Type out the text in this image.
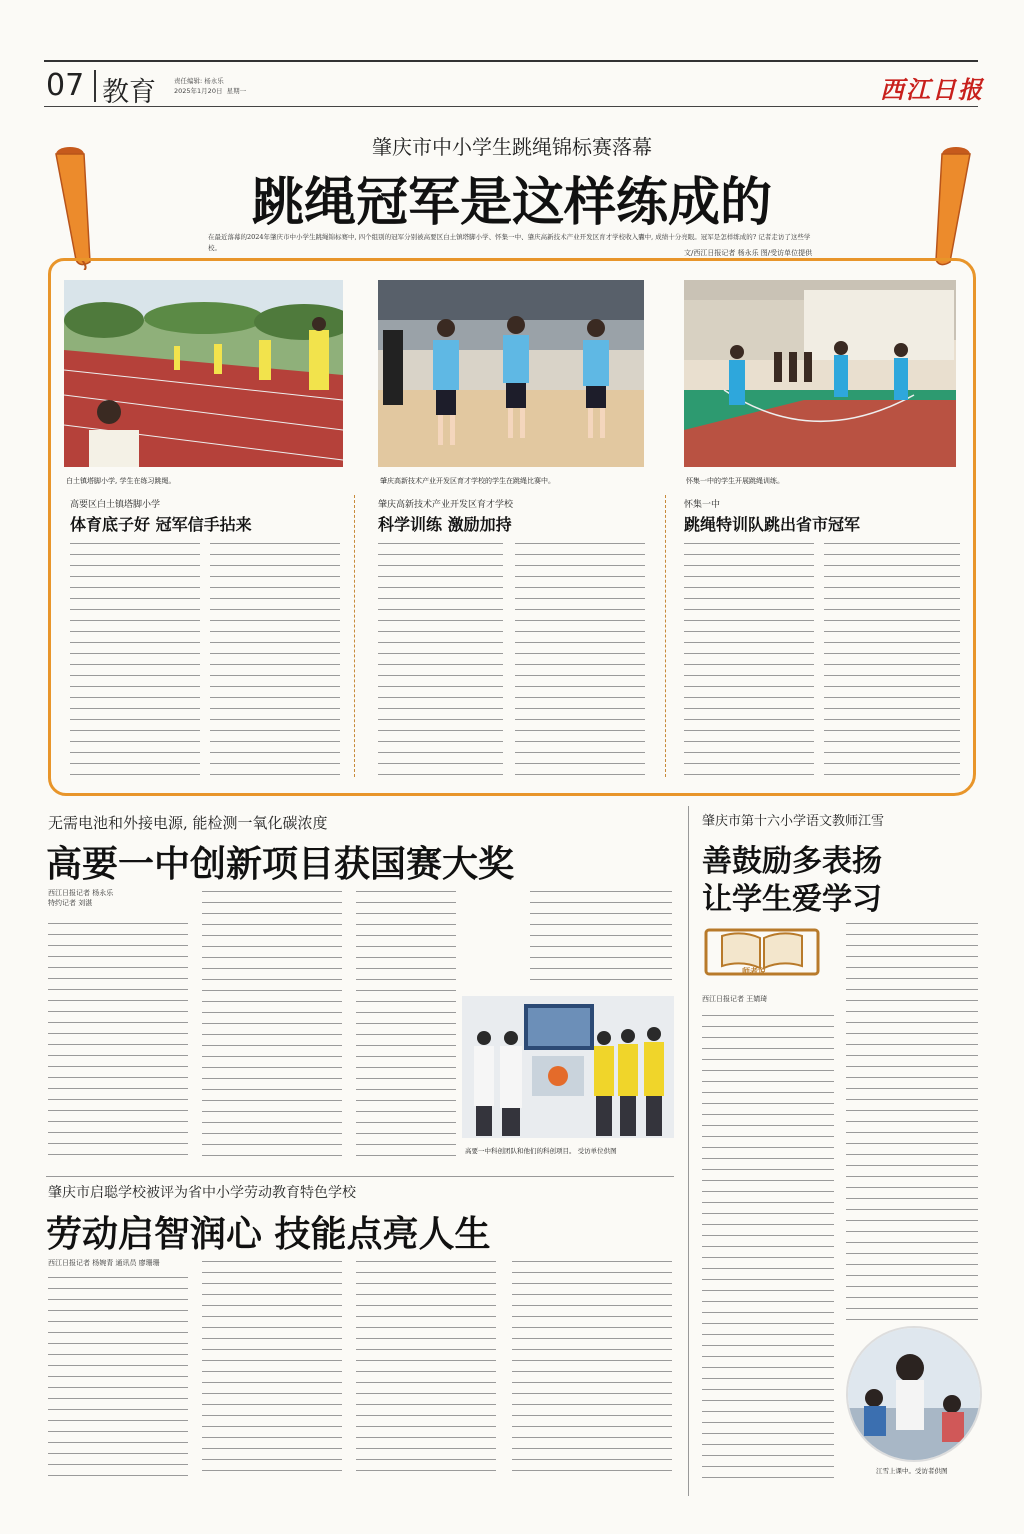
07 教育	责任编辑: 杨永乐
2025年1月20日 星期一	西江日报
肇庆市中小学生跳绳锦标赛落幕
跳绳冠军是这样练成的
在最近落幕的2024年肇庆市中小学生跳绳锦标赛中, 四个组别的冠军分别被高要区白土镇塔脚小学、怀集一中、肇庆高新技术产业开发区育才学校收入囊中, 成绩十分亮眼。冠军是怎样练成的? 记者走访了这些学校。
文/西江日报记者 杨永乐 图/受访单位提供
白土镇塔脚小学, 学生在练习跳绳。	肇庆高新技术产业开发区育才学校的学生在跳绳比赛中。	怀集一中的学生开展跳绳训练。
高要区白土镇塔脚小学
体育底子好 冠军信手拈来
肇庆高新技术产业开发区育才学校
科学训练 激励加持
怀集一中
跳绳特训队跳出省市冠军
无需电池和外接电源, 能检测一氧化碳浓度
高要一中创新项目获国赛大奖
西江日报记者 杨永乐
特约记者 刘湛
高要一中科创团队和他们的科创项目。 受访单位供图
肇庆市第十六小学语文教师江雪
善鼓励多表扬
让学生爱学习
师者说
西江日报记者 王婧琦
江雪上课中。受访者供图
肇庆市启聪学校被评为省中小学劳动教育特色学校
劳动启智润心 技能点亮人生
西江日报记者 杨婉青 通讯员 廖珊珊
